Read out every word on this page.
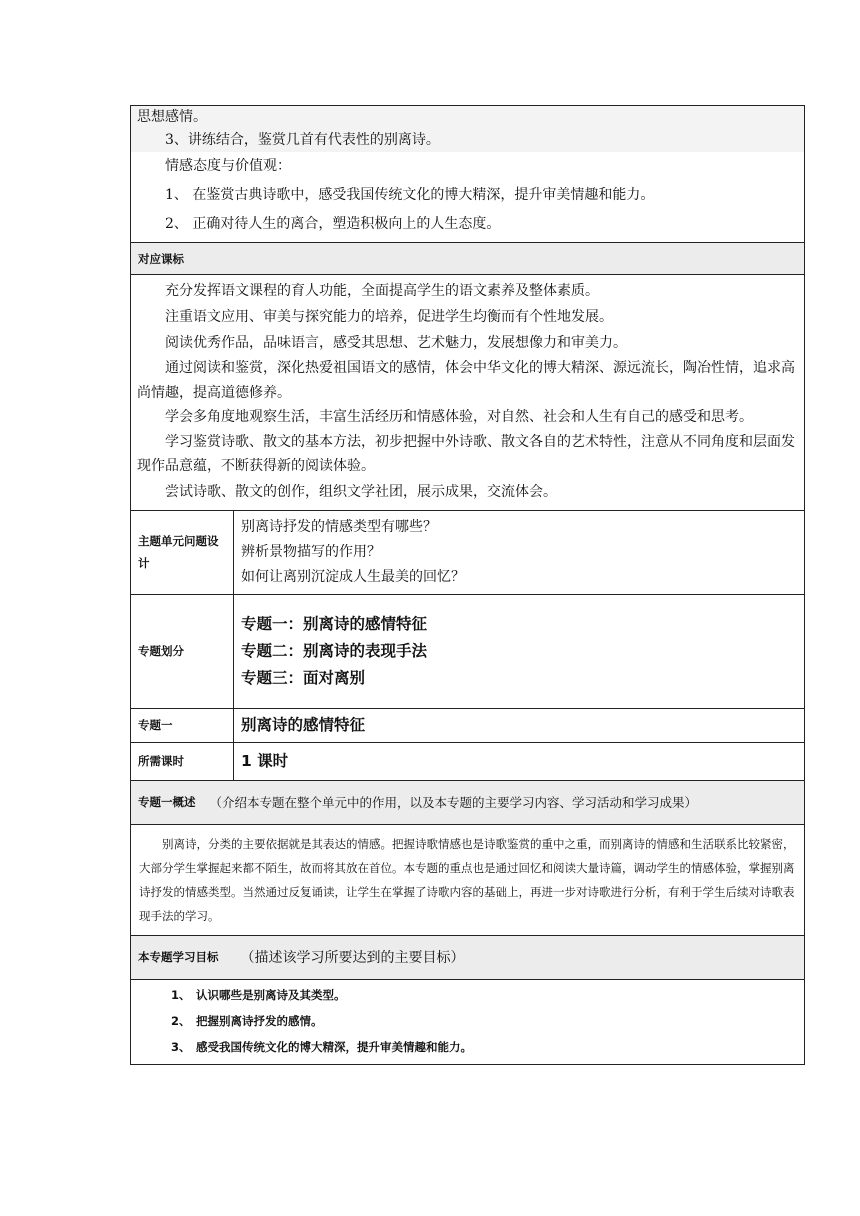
思想感情。

3、讲练结合，鉴赏几首有代表性的别离诗。

情感态度与价值观：

1、 在鉴赏古典诗歌中，感受我国传统文化的博大精深，提升审美情趣和能力。

2、 正确对待人生的离合，塑造积极向上的人生态度。

对应课标

充分发挥语文课程的育人功能，全面提高学生的语文素养及整体素质。

注重语文应用、审美与探究能力的培养，促进学生均衡而有个性地发展。

阅读优秀作品，品味语言，感受其思想、艺术魅力，发展想像力和审美力。

通过阅读和鉴赏，深化热爱祖国语文的感情，体会中华文化的博大精深、源远流长，陶冶性情，追求高尚情趣，提高道德修养。

学会多角度地观察生活，丰富生活经历和情感体验，对自然、社会和人生有自己的感受和思考。

学习鉴赏诗歌、散文的基本方法，初步把握中外诗歌、散文各自的艺术特性，注意从不同角度和层面发现作品意蕴，不断获得新的阅读体验。

尝试诗歌、散文的创作，组织文学社团，展示成果，交流体会。

主题单元问题设计

别离诗抒发的情感类型有哪些？

辨析景物描写的作用？

如何让离别沉淀成人生最美的回忆？

专题划分
专题一：别离诗的感情特征
专题二：别离诗的表现手法
专题三：面对离别
专题一	别离诗的感情特征
所需课时	1 课时
专题一概述 （介绍本专题在整个单元中的作用，以及本专题的主要学习内容、学习活动和学习成果）

别离诗，分类的主要依据就是其表达的情感。把握诗歌情感也是诗歌鉴赏的重中之重，而别离诗的情感和生活联系比较紧密，大部分学生掌握起来都不陌生，故而将其放在首位。本专题的重点也是通过回忆和阅读大量诗篇，调动学生的情感体验，掌握别离诗抒发的情感类型。当然通过反复诵读，让学生在掌握了诗歌内容的基础上，再进一步对诗歌进行分析，有利于学生后续对诗歌表现手法的学习。

本专题学习目标 （描述该学习所要达到的主要目标）

1、 认识哪些是别离诗及其类型。

2、 把握别离诗抒发的感情。

3、 感受我国传统文化的博大精深，提升审美情趣和能力。
